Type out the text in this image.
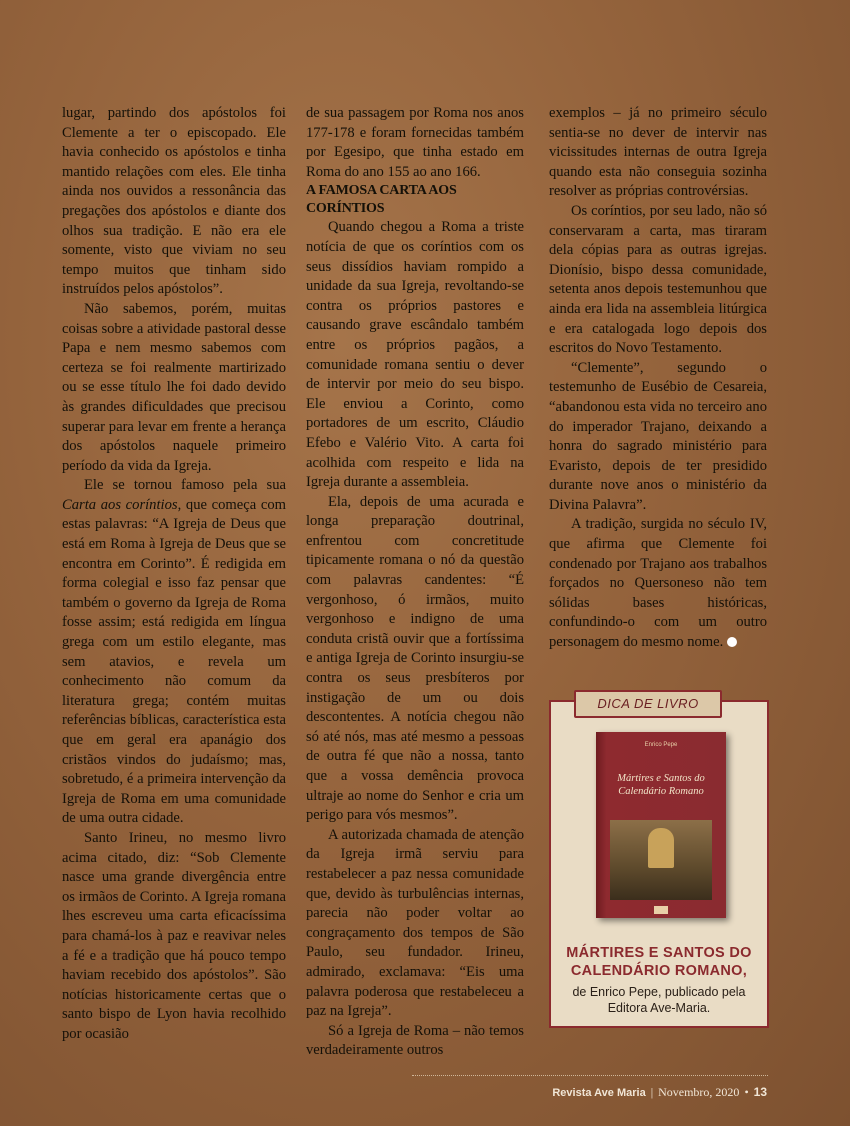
lugar, partindo dos apóstolos foi Clemente a ter o episcopado. Ele havia conhecido os apóstolos e tinha mantido relações com eles. Ele tinha ainda nos ouvidos a ressonância das pregações dos apóstolos e diante dos olhos sua tradição. E não era ele somente, visto que viviam no seu tempo muitos que tinham sido instruídos pelos apóstolos”.

Não sabemos, porém, muitas coisas sobre a atividade pastoral desse Papa e nem mesmo sabemos com certeza se foi realmente martirizado ou se esse título lhe foi dado devido às grandes dificuldades que precisou superar para levar em frente a herança dos apóstolos naquele primeiro período da vida da Igreja.

Ele se tornou famoso pela sua Carta aos coríntios, que começa com estas palavras: “A Igreja de Deus que está em Roma à Igreja de Deus que se encontra em Corinto”. É redigida em forma colegial e isso faz pensar que também o governo da Igreja de Roma fosse assim; está redigida em língua grega com um estilo elegante, mas sem atavios, e revela um conhecimento não comum da literatura grega; contém muitas referências bíblicas, característica esta que em geral era apanágio dos cristãos vindos do judaísmo; mas, sobretudo, é a primeira intervenção da Igreja de Roma em uma comunidade de uma outra cidade.

Santo Irineu, no mesmo livro acima citado, diz: “Sob Clemente nasce uma grande divergência entre os irmãos de Corinto. A Igreja romana lhes escreveu uma carta eficacíssima para chamá-los à paz e reavivar neles a fé e a tradição que há pouco tempo haviam recebido dos apóstolos”. São notícias historicamente certas que o santo bispo de Lyon havia recolhido por ocasião

de sua passagem por Roma nos anos 177-178 e foram fornecidas também por Egesipo, que tinha estado em Roma do ano 155 ao ano 166.

A FAMOSA CARTA AOS CORÍNTIOS

Quando chegou a Roma a triste notícia de que os coríntios com os seus dissídios haviam rompido a unidade da sua Igreja, revoltando-se contra os próprios pastores e causando grave escândalo também entre os próprios pagãos, a comunidade romana sentiu o dever de intervir por meio do seu bispo. Ele enviou a Corinto, como portadores de um escrito, Cláudio Efebo e Valério Vito. A carta foi acolhida com respeito e lida na Igreja durante a assembleia.

Ela, depois de uma acurada e longa preparação doutrinal, enfrentou com concretitude tipicamente romana o nó da questão com palavras candentes: “É vergonhoso, ó irmãos, muito vergonhoso e indigno de uma conduta cristã ouvir que a fortíssima e antiga Igreja de Corinto insurgiu-se contra os seus presbíteros por instigação de um ou dois descontentes. A notícia chegou não só até nós, mas até mesmo a pessoas de outra fé que não a nossa, tanto que a vossa demência provoca ultraje ao nome do Senhor e cria um perigo para vós mesmos”.

A autorizada chamada de atenção da Igreja irmã serviu para restabelecer a paz nessa comunidade que, devido às turbulências internas, parecia não poder voltar ao congraçamento dos tempos de São Paulo, seu fundador. Irineu, admirado, exclamava: “Eis uma palavra poderosa que restabeleceu a paz na Igreja”.

Só a Igreja de Roma – não temos verdadeiramente outros

exemplos – já no primeiro século sentia-se no dever de intervir nas vicissitudes internas de outra Igreja quando esta não conseguia sozinha resolver as próprias controvérsias.

Os coríntios, por seu lado, não só conservaram a carta, mas tiraram dela cópias para as outras igrejas. Dionísio, bispo dessa comunidade, setenta anos depois testemunhou que ainda era lida na assembleia litúrgica e era catalogada logo depois dos escritos do Novo Testamento.

“Clemente”, segundo o testemunho de Eusébio de Cesareia, “abandonou esta vida no terceiro ano do imperador Trajano, deixando a honra do sagrado ministério para Evaristo, depois de ter presidido durante nove anos o ministério da Divina Palavra”.

A tradição, surgida no século IV, que afirma que Clemente foi condenado por Trajano aos trabalhos forçados no Quersoneso não tem sólidas bases históricas, confundindo-o com um outro personagem do mesmo nome.

DICA DE LIVRO
Enrico Pepe
Mártires e Santos do Calendário Romano
MÁRTIRES E SANTOS DO CALENDÁRIO ROMANO,
de Enrico Pepe, publicado pela Editora Ave-Maria.
Revista Ave Maria | Novembro, 2020 • 13
